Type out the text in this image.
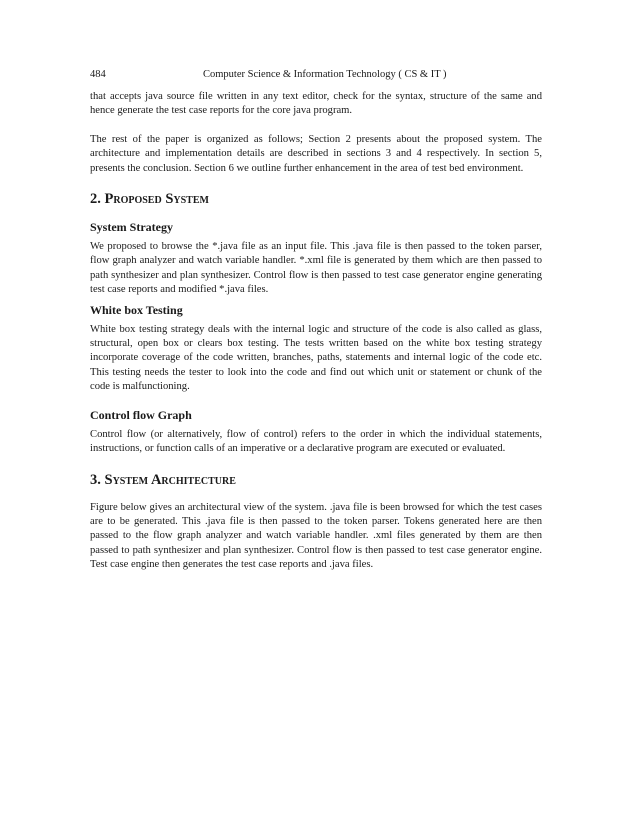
484	Computer Science & Information Technology ( CS & IT )

that accepts java source file written in any text editor, check for the syntax, structure of the same and hence generate the test case reports for the core java program.

The rest of the paper is organized as follows; Section 2 presents about the proposed system. The architecture and implementation details are described in sections 3 and 4 respectively. In section 5, presents the conclusion. Section 6 we outline further enhancement in the area of test bed environment.

2. Proposed System
System Strategy

We proposed to browse the *.java file as an input file. This .java file is then passed to the token parser, flow graph analyzer and watch variable handler. *.xml file is generated by them which are then passed to path synthesizer and plan synthesizer. Control flow is then passed to test case generator engine generating test case reports and modified *.java files.

White box Testing

White box testing strategy deals with the internal logic and structure of the code is also called as glass, structural, open box or clears box testing. The tests written based on the white box testing strategy incorporate coverage of the code written, branches, paths, statements and internal logic of the code etc. This testing needs the tester to look into the code and find out which unit or statement or chunk of the code is malfunctioning.

Control flow Graph

Control flow (or alternatively, flow of control) refers to the order in which the individual statements, instructions, or function calls of an imperative or a declarative program are executed or evaluated.

3. System Architecture

Figure below gives an architectural view of the system. .java file is been browsed for which the test cases are to be generated. This .java file is then passed to the token parser. Tokens generated here are then passed to the flow graph analyzer and watch variable handler. .xml files generated by them are then passed to path synthesizer and plan synthesizer. Control flow is then passed to test case generator engine. Test case engine then generates the test case reports and .java files.
